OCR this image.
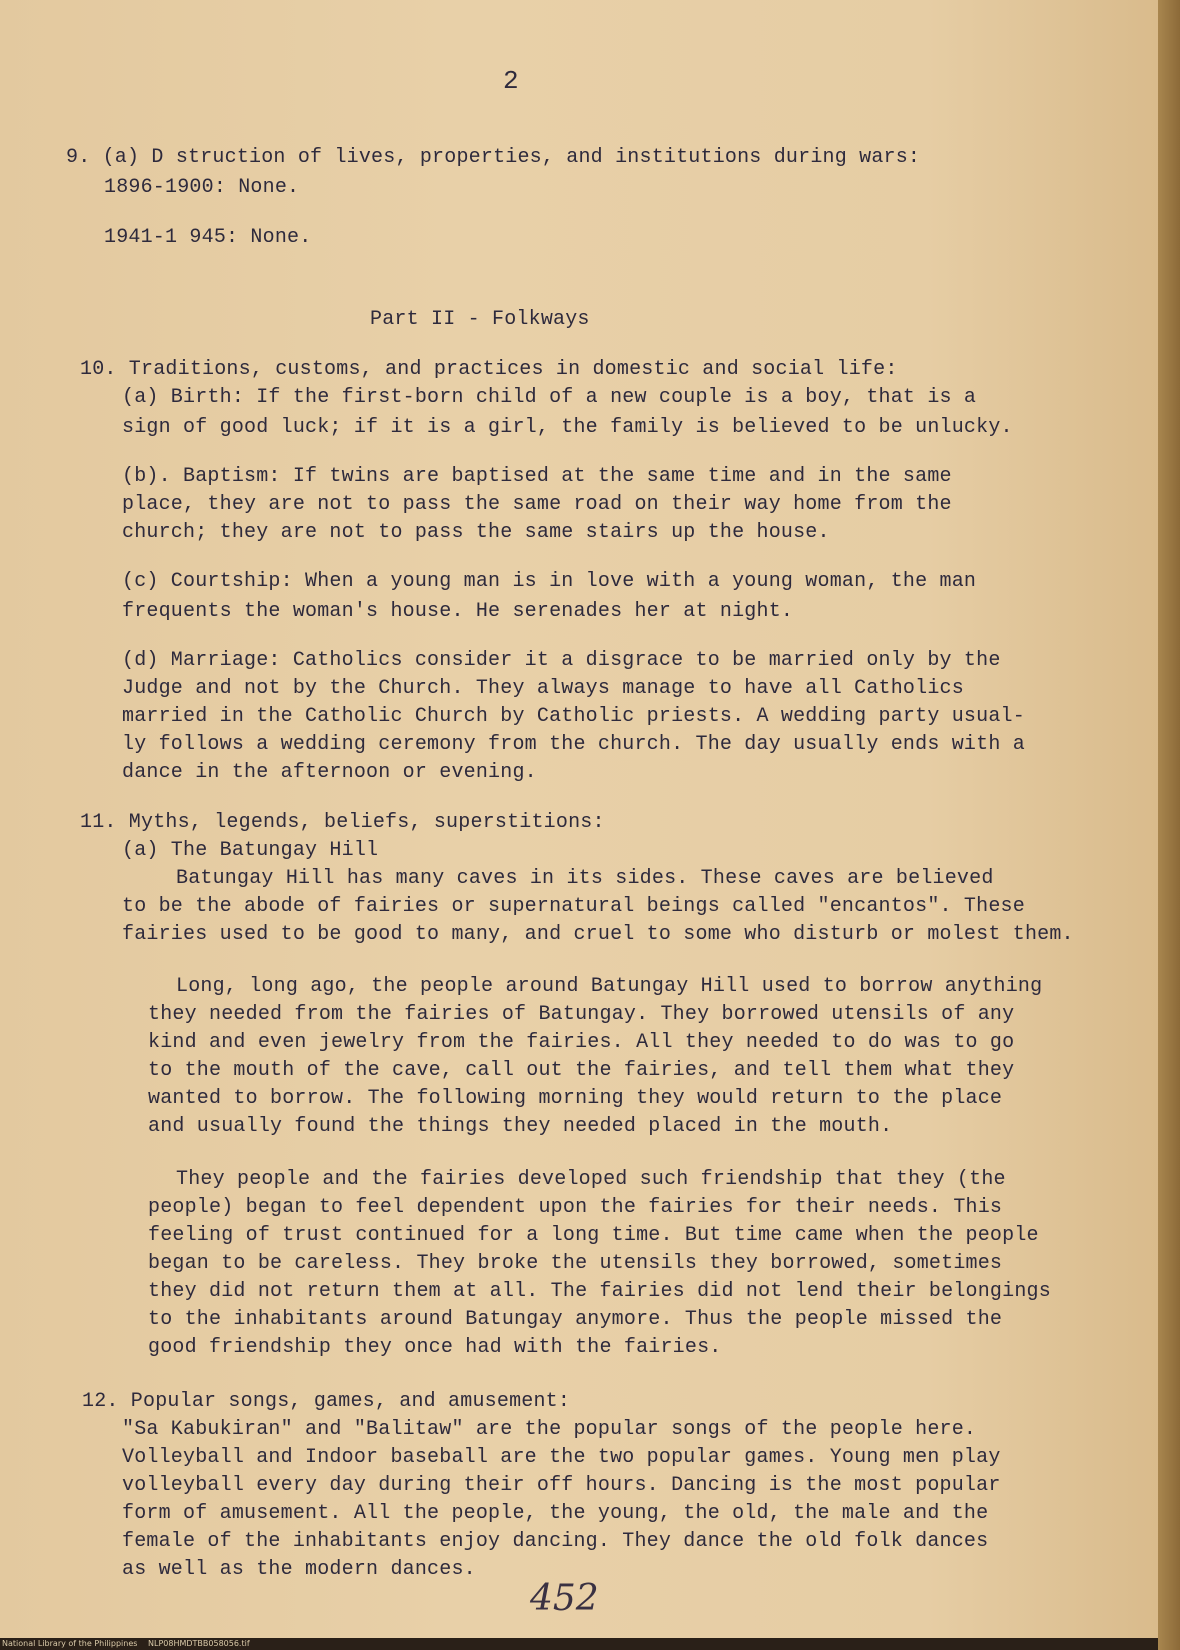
2
9. (a) D struction of lives, properties, and institutions during wars:
1896-1900: None.
1941-1 945: None.
Part II - Folkways
10. Traditions, customs, and practices in domestic and social life:
(a) Birth: If the first-born child of a new couple is a boy, that is a
sign of good luck; if it is a girl, the family is believed to be unlucky.
(b). Baptism: If twins are baptised at the same time and in the same
place, they are not to pass the same road on their way home from the
church; they are not to pass the same stairs up the house.
(c) Courtship: When a young man is in love with a young woman, the man
frequents the woman's house. He serenades her at night.
(d) Marriage: Catholics consider it a disgrace to be married only by the
Judge and not by the Church. They always manage to have all Catholics
married in the Catholic Church by Catholic priests. A wedding party usual-
ly follows a wedding ceremony from the church. The day usually ends with a
dance in the afternoon or evening.
11. Myths, legends, beliefs, superstitions:
(a) The Batungay Hill
Batungay Hill has many caves in its sides. These caves are believed
to be the abode of fairies or supernatural beings called "encantos". These
fairies used to be good to many, and cruel to some who disturb or molest them.
Long, long ago, the people around Batungay Hill used to borrow anything
they needed from the fairies of Batungay. They borrowed utensils of any
kind and even jewelry from the fairies. All they needed to do was to go
to the mouth of the cave, call out the fairies, and tell them what they
wanted to borrow. The following morning they would return to the place
and usually found the things they needed placed in the mouth.
They people and the fairies developed such friendship that they (the
people) began to feel dependent upon the fairies for their needs. This
feeling of trust continued for a long time. But time came when the people
began to be careless. They broke the utensils they borrowed, sometimes
they did not return them at all. The fairies did not lend their belongings
to the inhabitants around Batungay anymore. Thus the people missed the
good friendship they once had with the fairies.
12. Popular songs, games, and amusement:
"Sa Kabukiran" and "Balitaw" are the popular songs of the people here.
Volleyball and Indoor baseball are the two popular games. Young men play
volleyball every day during their off hours. Dancing is the most popular
form of amusement. All the people, the young, the old, the male and the
female of the inhabitants enjoy dancing. They dance the old folk dances
as well as the modern dances.
452
National Library of the Philippines NLP08HMDTBB058056.tif
